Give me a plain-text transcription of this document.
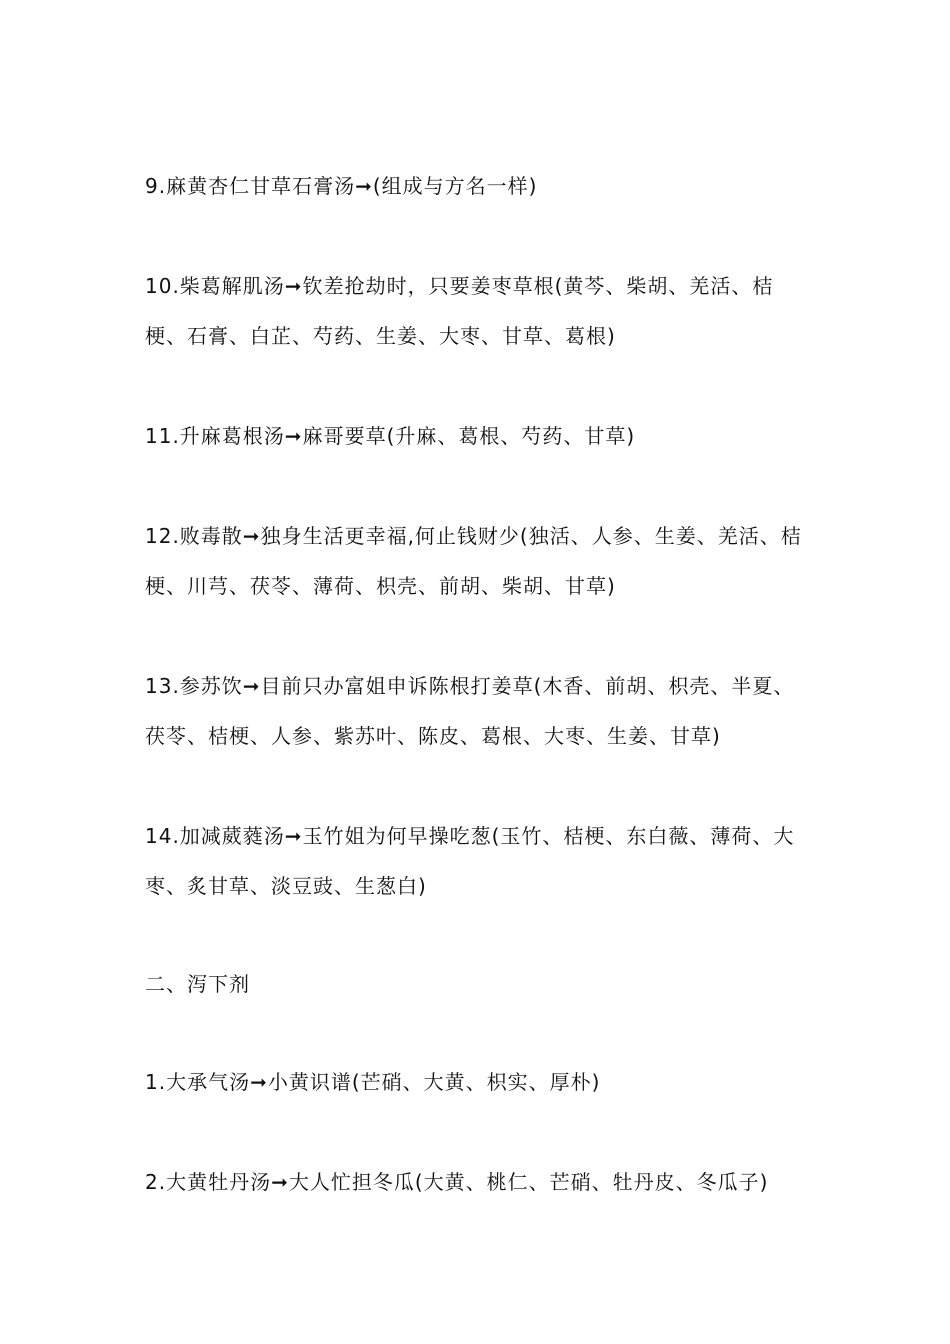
9.麻黄杏仁甘草石膏汤➞(组成与方名一样)

10.柴葛解肌汤➞钦差抢劫时，只要姜枣草根(黄芩、柴胡、羌活、桔梗、石膏、白芷、芍药、生姜、大枣、甘草、葛根)

11.升麻葛根汤➞麻哥要草(升麻、葛根、芍药、甘草)

12.败毒散➞独身生活更幸福,何止钱财少(独活、人参、生姜、羌活、桔梗、川芎、茯苓、薄荷、枳壳、前胡、柴胡、甘草)

13.参苏饮➞目前只办富姐申诉陈根打姜草(木香、前胡、枳壳、半夏、茯苓、桔梗、人参、紫苏叶、陈皮、葛根、大枣、生姜、甘草)

14.加减葳蕤汤➞玉竹姐为何早操吃葱(玉竹、桔梗、东白薇、薄荷、大枣、炙甘草、淡豆豉、生葱白)

二、泻下剂

1.大承气汤➞小黄识谱(芒硝、大黄、枳实、厚朴)

2.大黄牡丹汤➞大人忙担冬瓜(大黄、桃仁、芒硝、牡丹皮、冬瓜子)
